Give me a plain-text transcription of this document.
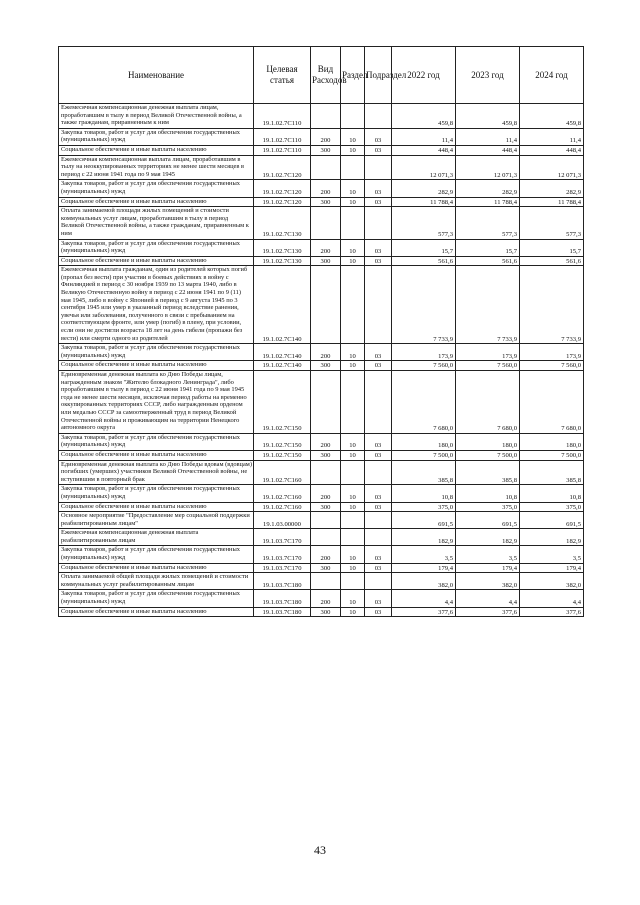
Наименование	Целевая статья	Вид Расходов	Раздел	Подраздел	2022 год	2023 год	2024 год
Ежемесячная компенсационная денежная выплата лицам, проработавшим в тылу в период Великой Отечественной войны, а также гражданам, приравненным к ним	19.1.02.7С110				459,8	459,8	459,8
Закупка товаров, работ и услуг для обеспечения государственных (муниципальных) нужд	19.1.02.7С110	200	10	03	11,4	11,4	11,4
Социальное обеспечение и иные выплаты населению	19.1.02.7С110	300	10	03	448,4	448,4	448,4
Ежемесячная компенсационная выплата лицам, проработавшим в тылу на неоккупированных территориях не менее шести месяцев в период с 22 июня 1941 года по 9 мая 1945	19.1.02.7С120				12 071,3	12 071,3	12 071,3
Закупка товаров, работ и услуг для обеспечения государственных (муниципальных) нужд	19.1.02.7С120	200	10	03	282,9	282,9	282,9
Социальное обеспечение и иные выплаты населению	19.1.02.7С120	300	10	03	11 788,4	11 788,4	11 788,4
Оплата занимаемой площади жилых помещений и стоимости коммунальных услуг лицам, проработавшим в тылу в период Великой Отечественной войны, а также гражданам, приравненным к ним	19.1.02.7С130				577,3	577,3	577,3
Закупка товаров, работ и услуг для обеспечения государственных (муниципальных) нужд	19.1.02.7С130	200	10	03	15,7	15,7	15,7
Социальное обеспечение и иные выплаты населению	19.1.02.7С130	300	10	03	561,6	561,6	561,6
Ежемесячная выплата гражданам, один из родителей которых погиб (пропал без вести) при участии в боевых действиях в войну с Финляндией в период с 30 ноября 1939 по 13 марта 1940, либо в Великую Отечественную войну в период с 22 июня 1941 по 9 (11) мая 1945, либо в войну с Японией в период с 9 августа 1945 по 3 сентября 1945 или умер в указанный период вследствие ранения, увечья или заболевания, полученного в связи с пребыванием на соответствующем фронте, или умер (погиб) в плену, при условии, если они не достигли возраста 18 лет на день гибели (пропажи без вести) или смерти одного из родителей	19.1.02.7С140				7 733,9	7 733,9	7 733,9
Закупка товаров, работ и услуг для обеспечения государственных (муниципальных) нужд	19.1.02.7С140	200	10	03	173,9	173,9	173,9
Социальное обеспечение и иные выплаты населению	19.1.02.7С140	300	10	03	7 560,0	7 560,0	7 560,0
Единовременная денежная выплата ко Дню Победы лицам, награжденным знаком "Жителю блокадного Ленинграда", либо проработавшим в тылу в период с 22 июня 1941 года по 9 мая 1945 года не менее шести месяцев, исключая период работы на временно оккупированных территориях СССР, либо награжденным орденом или медалью СССР за самоотверженный труд в период Великой Отечественной войны и проживающим на территории Ненецкого автономного округа	19.1.02.7С150				7 680,0	7 680,0	7 680,0
Закупка товаров, работ и услуг для обеспечения государственных (муниципальных) нужд	19.1.02.7С150	200	10	03	180,0	180,0	180,0
Социальное обеспечение и иные выплаты населению	19.1.02.7С150	300	10	03	7 500,0	7 500,0	7 500,0
Единовременная денежная выплата ко Дню Победы вдовам (вдовцам) погибших (умерших) участников Великой Отечественной войны, не вступившим в повторный брак	19.1.02.7С160				385,8	385,8	385,8
Закупка товаров, работ и услуг для обеспечения государственных (муниципальных) нужд	19.1.02.7С160	200	10	03	10,8	10,8	10,8
Социальное обеспечение и иные выплаты населению	19.1.02.7С160	300	10	03	375,0	375,0	375,0
Основное мероприятие "Предоставление мер социальной поддержки реабилитированным лицам"	19.1.03.00000				691,5	691,5	691,5
Ежемесячная компенсационная денежная выплата реабилитированным лицам	19.1.03.7С170				182,9	182,9	182,9
Закупка товаров, работ и услуг для обеспечения государственных (муниципальных) нужд	19.1.03.7С170	200	10	03	3,5	3,5	3,5
Социальное обеспечение и иные выплаты населению	19.1.03.7С170	300	10	03	179,4	179,4	179,4
Оплата занимаемой общей площади жилых помещений и стоимости коммунальных услуг реабилитированным лицам	19.1.03.7С180				382,0	382,0	382,0
Закупка товаров, работ и услуг для обеспечения государственных (муниципальных) нужд	19.1.03.7С180	200	10	03	4,4	4,4	4,4
Социальное обеспечение и иные выплаты населению	19.1.03.7С180	300	10	03	377,6	377,6	377,6
43
